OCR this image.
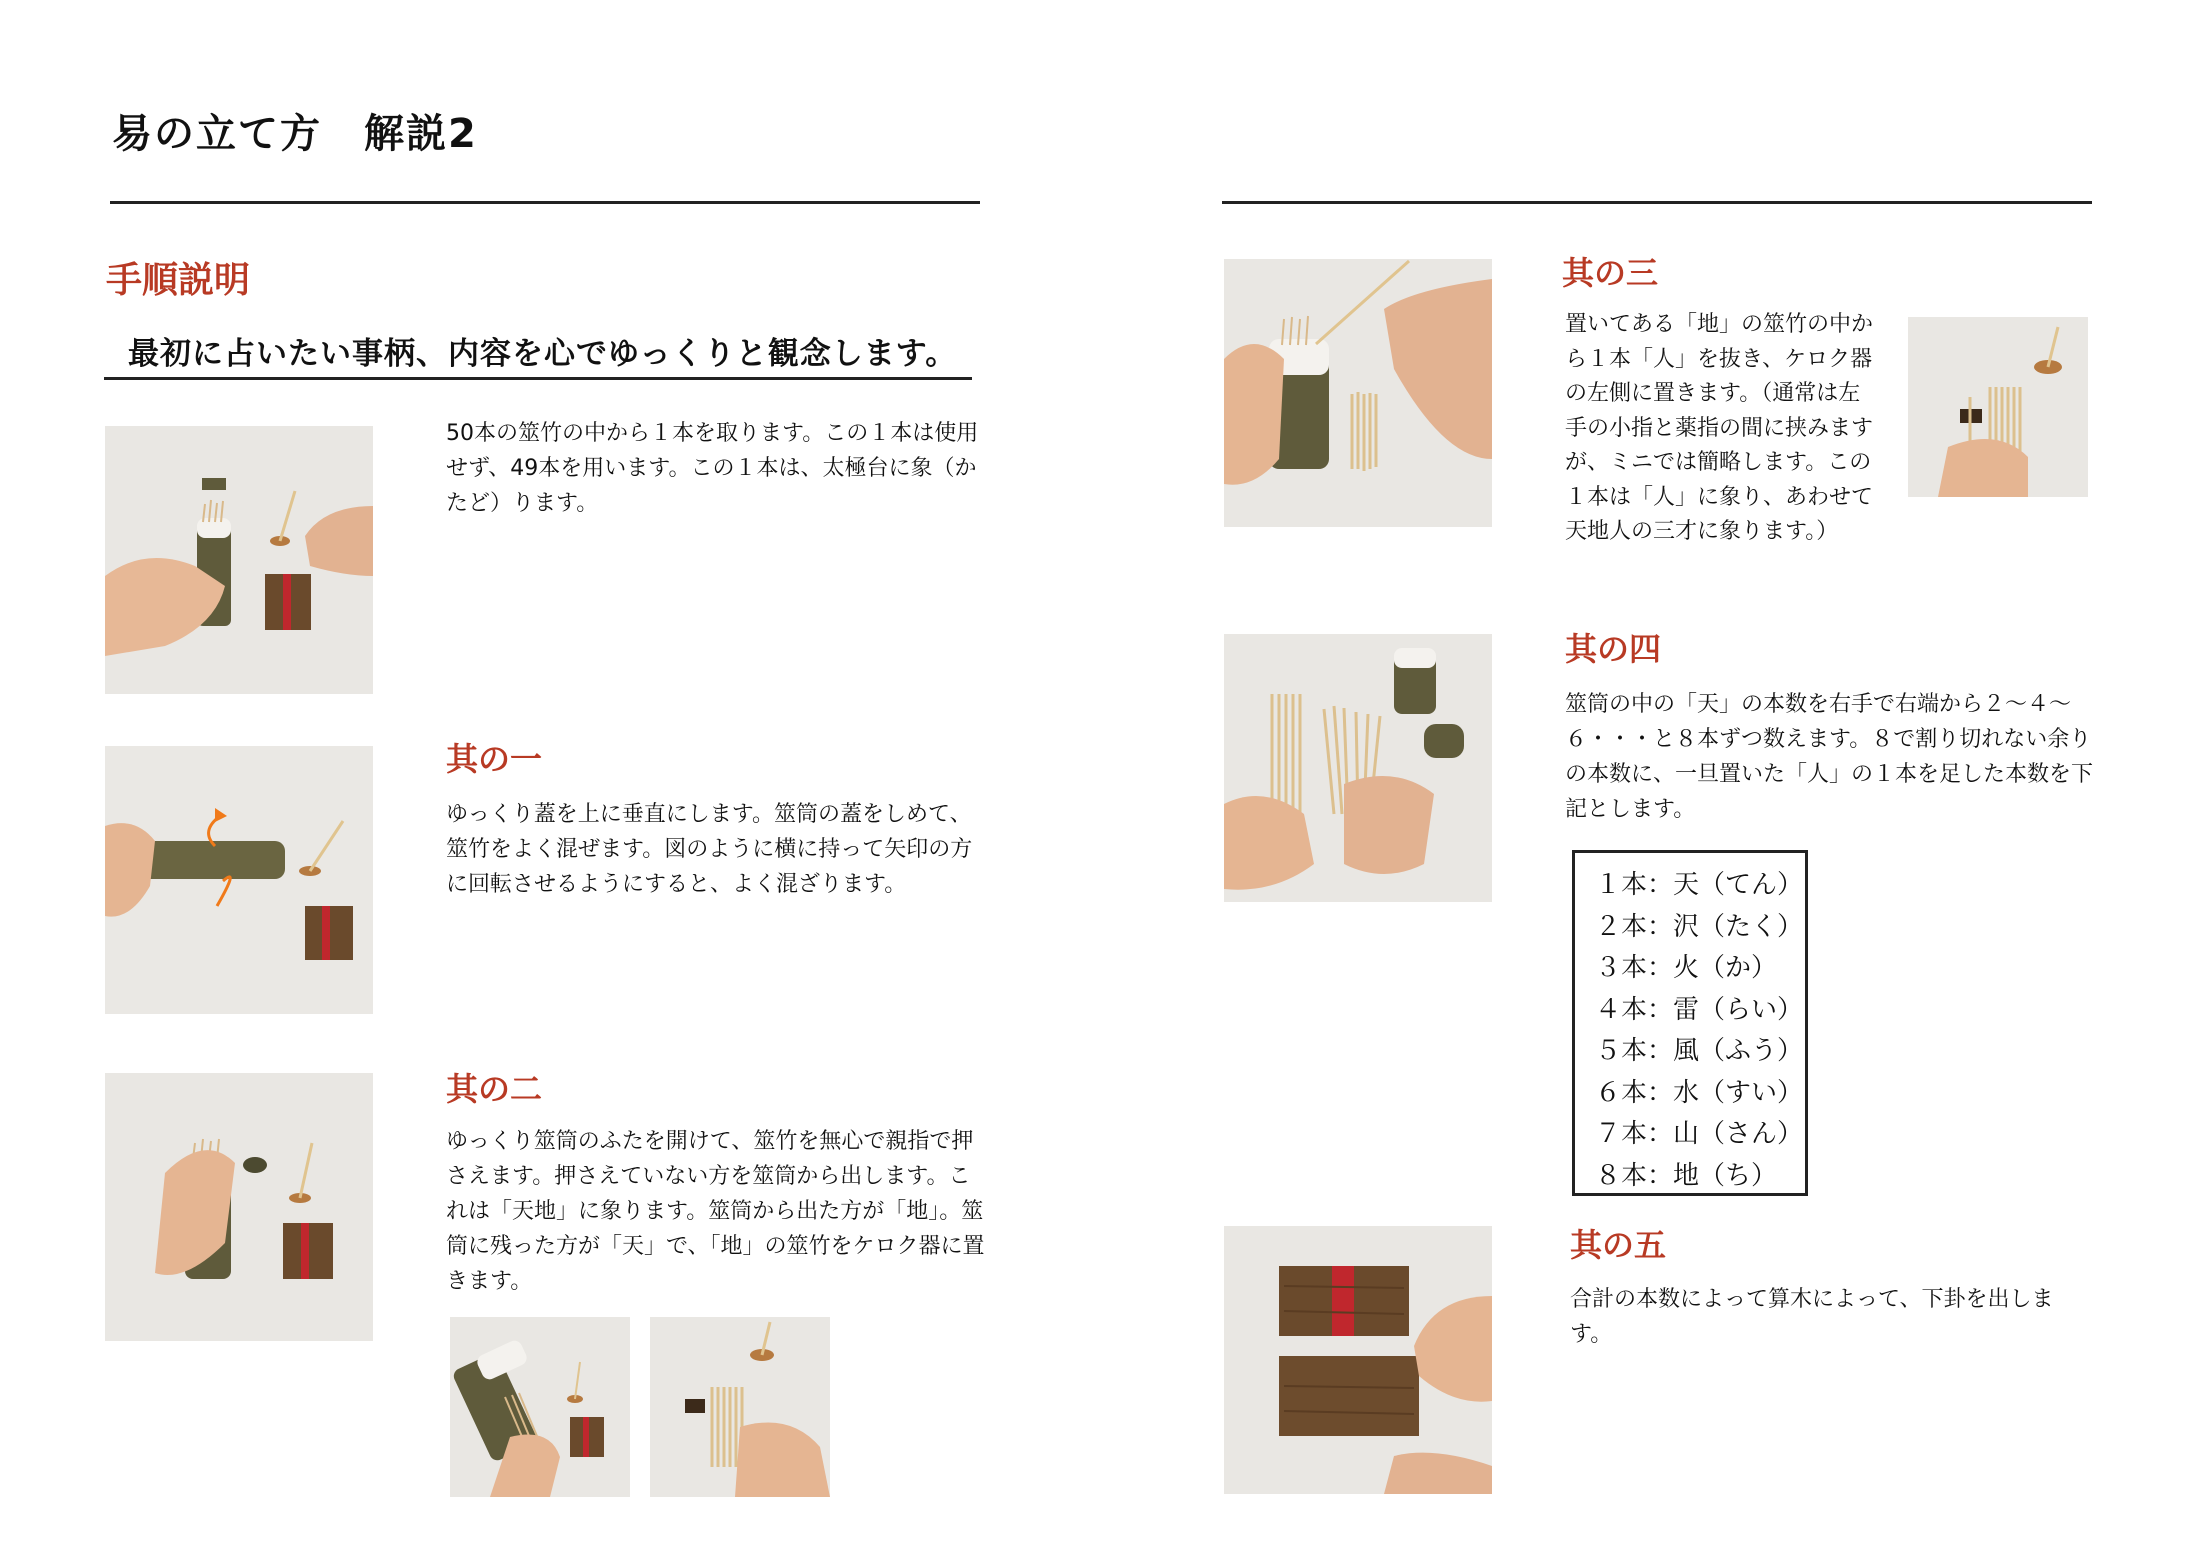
易の立て方　解説2
手順説明
最初に占いたい事柄、内容を心でゆっくりと観念します。
50本の筮竹の中から１本を取ります。この１本は使用せず、49本を用います。この１本は、太極台に象（かたど）ります。
其の一
ゆっくり蓋を上に垂直にします。筮筒の蓋をしめて、筮竹をよく混ぜます。図のように横に持って矢印の方に回転させるようにすると、よく混ざります。
其の二
ゆっくり筮筒のふたを開けて、筮竹を無心で親指で押さえます。押さえていない方を筮筒から出します。これは「天地」に象ります。筮筒から出た方が「地」。筮筒に残った方が「天」で、「地」の筮竹をケロク器に置きます。
其の三
置いてある「地」の筮竹の中から１本「人」を抜き、ケロク器の左側に置きます。（通常は左手の小指と薬指の間に挟みますが、ミニでは簡略します。この１本は「人」に象り、あわせて天地人の三才に象ります。）
其の四
筮筒の中の「天」の本数を右手で右端から２～４～６・・・と８本ずつ数えます。８で割り切れない余りの本数に、一旦置いた「人」の１本を足した本数を下記とします。
１本：天（てん）
２本：沢（たく）
３本：火（か）
４本：雷（らい）
５本：風（ふう）
６本：水（すい）
７本：山（さん）
８本：地（ち）
其の五
合計の本数によって算木によって、下卦を出します。
